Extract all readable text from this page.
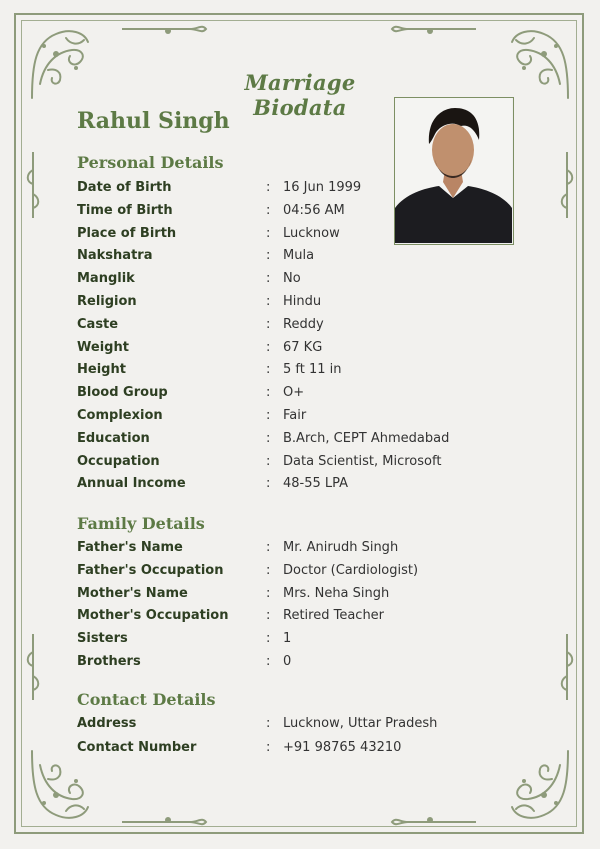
Marriage Biodata
Rahul Singh
Personal Details
Date of Birth	: 16 Jun 1999
Time of Birth	: 04:56 AM
Place of Birth	: Lucknow
Nakshatra	: Mula
Manglik	: No
Religion	: Hindu
Caste	: Reddy
Weight	: 67 KG
Height	: 5 ft 11 in
Blood Group	: O+
Complexion	: Fair
Education	: B.Arch, CEPT Ahmedabad
Occupation	: Data Scientist, Microsoft
Annual Income	: 48-55 LPA
Family Details
Father's Name	: Mr. Anirudh Singh
Father's Occupation	: Doctor (Cardiologist)
Mother's Name	: Mrs. Neha Singh
Mother's Occupation	: Retired Teacher
Sisters	: 1
Brothers	: 0
Contact Details
Address	: Lucknow, Uttar Pradesh
Contact Number	: +91 98765 43210
